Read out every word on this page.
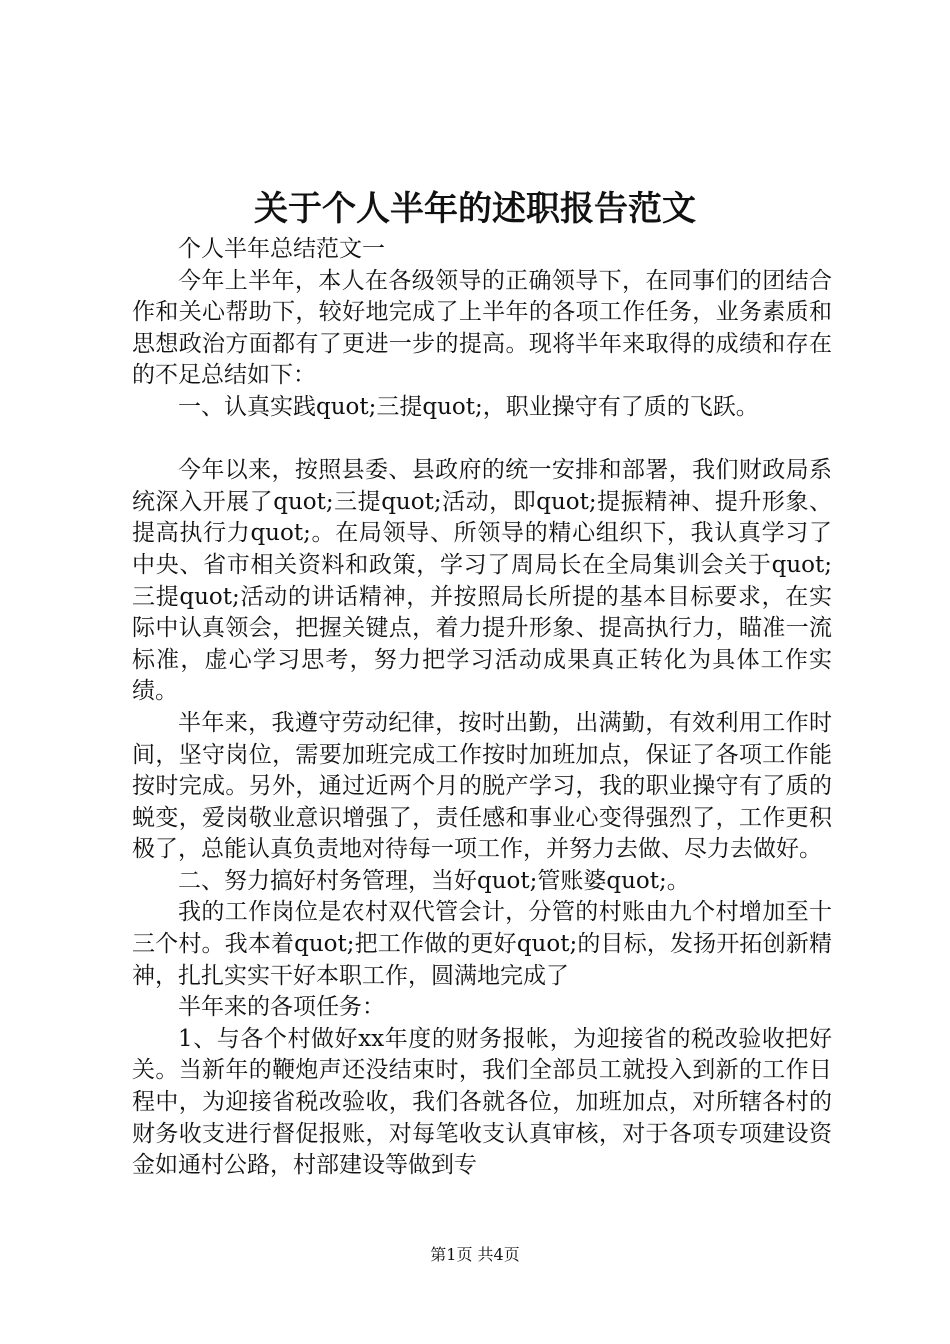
关于个人半年的述职报告范文

个人半年总结范文一

今年上半年，本人在各级领导的正确领导下，在同事们的团结合作和关心帮助下，较好地完成了上半年的各项工作任务，业务素质和思想政治方面都有了更进一步的提高。现将半年来取得的成绩和存在的不足总结如下：

一、认真实践quot;三提quot;，职业操守有了质的飞跃。

今年以来，按照县委、县政府的统一安排和部署，我们财政局系统深入开展了quot;三提quot;活动，即quot;提振精神、提升形象、提高执行力quot;。在局领导、所领导的精心组织下，我认真学习了中央、省市相关资料和政策，学习了周局长在全局集训会关于quot;三提quot;活动的讲话精神，并按照局长所提的基本目标要求，在实际中认真领会，把握关键点，着力提升形象、提高执行力，瞄准一流标准，虚心学习思考，努力把学习活动成果真正转化为具体工作实绩。

半年来，我遵守劳动纪律，按时出勤，出满勤，有效利用工作时间，坚守岗位，需要加班完成工作按时加班加点，保证了各项工作能按时完成。另外，通过近两个月的脱产学习，我的职业操守有了质的蜕变，爱岗敬业意识增强了，责任感和事业心变得强烈了，工作更积极了，总能认真负责地对待每一项工作，并努力去做、尽力去做好。

二、努力搞好村务管理，当好quot;管账婆quot;。

我的工作岗位是农村双代管会计，分管的村账由九个村增加至十三个村。我本着quot;把工作做的更好quot;的目标，发扬开拓创新精神，扎扎实实干好本职工作，圆满地完成了

半年来的各项任务：

1、与各个村做好xx年度的财务报帐，为迎接省的税改验收把好关。当新年的鞭炮声还没结束时，我们全部员工就投入到新的工作日程中，为迎接省税改验收，我们各就各位，加班加点，对所辖各村的财务收支进行督促报账，对每笔收支认真审核，对于各项专项建设资金如通村公路，村部建设等做到专

第1页 共4页
